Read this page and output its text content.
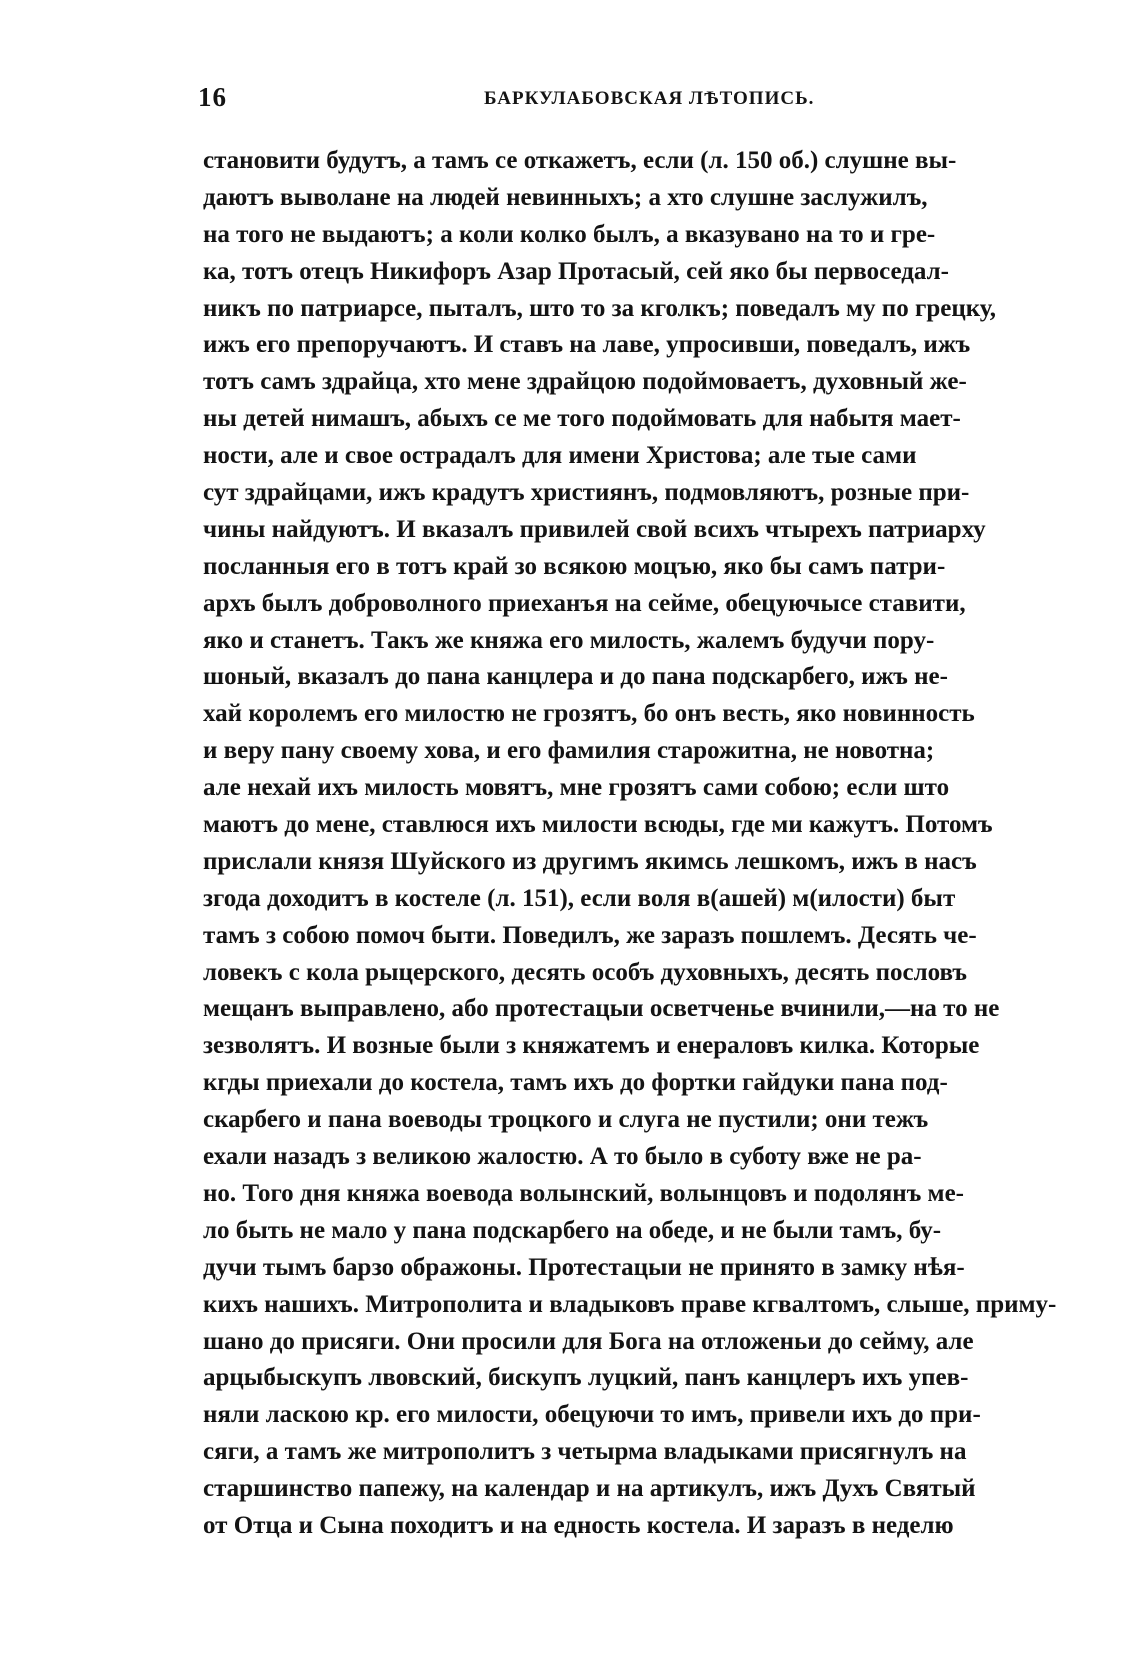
16	БАРКУЛАБОВСКАЯ ЛѢТОПИСЬ.
становити будутъ, а тамъ се откажетъ, если (л. 150 об.) слушне вы-
даютъ выволане на людей невинныхъ; а хто слушне заслужилъ,
на того не выдаютъ; а коли колко былъ, а вказувано на то и гре-
ка, тотъ отецъ Никифоръ Азар Протасый, сей яко бы первоседал-
никъ по патриарсе, пыталъ, што то за кголкъ; поведалъ му по грецку,
ижъ его препоручаютъ. И ставъ на лаве, упросивши, поведалъ, ижъ
тотъ самъ здрайца, хто мене здрайцою подоймоваетъ, духовный же-
ны детей нимашъ, абыхъ се ме того подоймовать для набытя мает-
ности, але и свое острадалъ для имени Христова; але тые сами
сут здрайцами, ижъ крадутъ християнъ, подмовляютъ, розные при-
чины найдуютъ. И вказалъ привилей свой всихъ чтырехъ патриарху
посланныя его в тотъ край зо всякою моцъю, яко бы самъ патри-
архъ былъ доброволного приеханъя на сейме, обецуючысе ставити,
яко и станетъ. Такъ же княжа его милость, жалемъ будучи пору-
шоный, вказалъ до пана канцлера и до пана подскарбего, ижъ не-
хай королемъ его милостю не грозятъ, бо онъ весть, яко новинность
и веру пану своему хова, и его фамилия старожитна, не новотна;
але нехай ихъ милость мовятъ, мне грозятъ сами собою; если што
маютъ до мене, ставлюся ихъ милости всюды, где ми кажутъ. Потомъ
прислали князя Шуйского из другимъ якимсь лешкомъ, ижъ в насъ
згода доходитъ в костеле (л. 151), если воля в(ашей) м(илости) быт
тамъ з собою помоч быти. Поведилъ, же заразъ пошлемъ. Десять че-
ловекъ с кола рыцерского, десять особъ духовныхъ, десять пословъ
мещанъ выправлено, або протестацыи осветченье вчинили,—на то не
зезволятъ. И возные были з княжатемъ и енераловъ килка. Которые
кгды приехали до костела, тамъ ихъ до фортки гайдуки пана под-
скарбего и пана воеводы троцкого и слуга не пустили; они тежъ
ехали назадъ з великою жалостю. А то было в суботу вже не ра-
но. Того дня княжа воевода волынский, волынцовъ и подолянъ ме-
ло быть не мало у пана подскарбего на обеде, и не были тамъ, бу-
дучи тымъ барзо ображоны. Протестацыи не принято в замку нѣя-
кихъ нашихъ. Митрополита и владыковъ праве кгвалтомъ, слыше, приму-
шано до присяги. Они просили для Бога на отложеньи до сейму, але
арцыбыскупъ лвовский, бискупъ луцкий, панъ канцлеръ ихъ упев-
няли ласкою кр. его милости, обецуючи то имъ, привели ихъ до при-
сяги, а тамъ же митрополитъ з четырма владыками присягнулъ на
старшинство папежу, на календар и на артикулъ, ижъ Духъ Святый
от Отца и Сына походитъ и на едность костела. И заразъ в неделю
